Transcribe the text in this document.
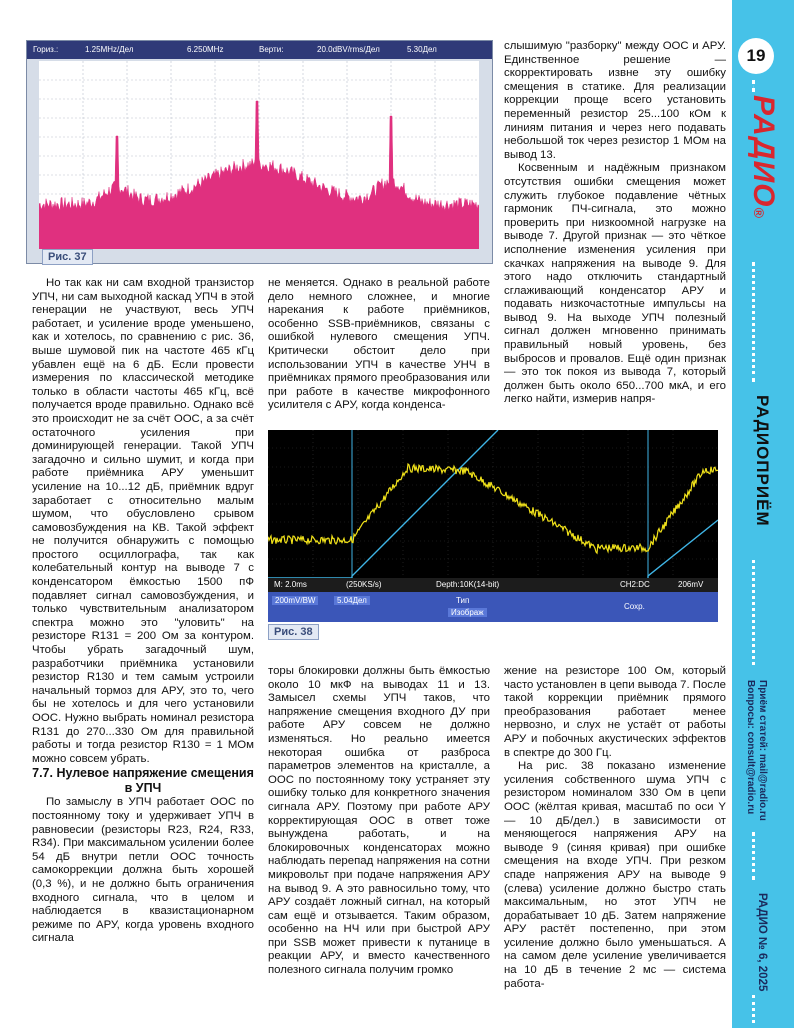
19
РАДИО®
РАДИОПРИЁМ
Приём статей: mail@radio.ru
Вопросы: consult@radio.ru
РАДИО № 6, 2025
Гориз.:	1.25MHz/Дел	6.250MHz	Верти:	20.0dBV/rms/Дел	5.30Дел
Рис. 37

слышимую "разборку" между ООС и АРУ. Единственное решение — скорректировать извне эту ошибку смещения в статике. Для реализации коррекции проще всего установить переменный резистор 25...100 кОм к линиям питания и через него подавать небольшой ток через резистор 1 МОм на вывод 13.

Косвенным и надёжным признаком отсутствия ошибки смещения может служить глубокое подавление чётных гармоник ПЧ-сигнала, это можно проверить при низкоомной нагрузке на выводе 7. Другой признак — это чёткое исполнение изменения усиления при скачках напряжения на выводе 9. Для этого надо отключить стандартный сглаживающий конденсатор АРУ и подавать низкочастотные импульсы на вывод 9. На выходе УПЧ полезный сигнал должен мгновенно принимать правильный новый уровень, без выбросов и провалов. Ещё один признак — это ток покоя из вывода 7, который должен быть около 650...700 мкА, и его легко найти, измерив напря-

Но так как ни сам входной транзистор УПЧ, ни сам выходной каскад УПЧ в этой генерации не участвуют, весь УПЧ работает, и усиление вроде уменьшено, как и хотелось, по сравнению с рис. 36, выше шумовой пик на частоте 465 кГц убавлен ещё на 6 дБ. Если провести измерения по классической методике только в области частоты 465 кГц, всё получается вроде правильно. Однако всё это происходит не за счёт ООС, а за счёт остаточного усиления при доминирующей генерации. Такой УПЧ загадочно и сильно шумит, и когда при работе приёмника АРУ уменьшит усиление на 10...12 дБ, приёмник вдруг заработает с относительно малым шумом, что обусловлено срывом самовозбуждения на КВ. Такой эффект не получится обнаружить с помощью простого осциллографа, так как колебательный контур на выводе 7 с конденсатором ёмкостью 1500 пФ подавляет сигнал самовозбуждения, и только чувствительным анализатором спектра можно это "уловить" на резисторе R131 = 200 Ом за контуром. Чтобы убрать загадочный шум, разработчики приёмника установили резистор R130 и тем самым устроили начальный тормоз для АРУ, это то, чего бы не хотелось и для чего установили ООС. Нужно выбрать номинал резистора R131 до 270...330 Ом для правильной работы и тогда резистор R130 = 1 МОм можно совсем убрать.

7.7. Нулевое напряжение смещения в УПЧ

По замыслу в УПЧ работает ООС по постоянному току и удерживает УПЧ в равновесии (резисторы R23, R24, R33, R34). При максимальном усилении более 54 дБ внутри петли ООС точность самокоррекции должна быть хорошей (0,3 %), и не должно быть ограничения входного сигнала, что в целом и наблюдается в квазистационарном режиме по АРУ, когда уровень входного сигнала

не меняется. Однако в реальной работе дело немного сложнее, и многие нарекания к работе приёмников, особенно SSB-приёмников, связаны с ошибкой нулевого смещения УПЧ. Критически обстоит дело при использовании УПЧ в качестве УНЧ в приёмниках прямого преобразования или при работе в качестве микрофонного усилителя с АРУ, когда конденса-

M: 2.0ms	(250KS/s)	Depth:10K(14-bit)	CH2:DC	206mV
200mV/BW	5.04Дел	Тип
Изображ
Сохр.
Рис. 38

торы блокировки должны быть ёмкостью около 10 мкФ на выводах 11 и 13. Замысел схемы УПЧ таков, что напряжение смещения входного ДУ при работе АРУ совсем не должно изменяться. Но реально имеется некоторая ошибка от разброса параметров элементов на кристалле, а ООС по постоянному току устраняет эту ошибку только для конкретного значения сигнала АРУ. Поэтому при работе АРУ корректирующая ООС в ответ тоже вынуждена работать, и на блокировочных конденсаторах можно наблюдать перепад напряжения на сотни микровольт при подаче напряжения АРУ на вывод 9. А это равносильно тому, что АРУ создаёт ложный сигнал, на который сам ещё и отзывается. Таким образом, особенно на НЧ или при быстрой АРУ при SSB может привести к путанице в реакции АРУ, и вместо качественного полезного сигнала получим громко

жение на резисторе 100 Ом, который часто установлен в цепи вывода 7. После такой коррекции приёмник прямого преобразования работает менее нервозно, и слух не устаёт от работы АРУ и побочных акустических эффектов в спектре до 300 Гц.

На рис. 38 показано изменение усиления собственного шума УПЧ с резистором номиналом 330 Ом в цепи ООС (жёлтая кривая, масштаб по оси Y — 10 дБ/дел.) в зависимости от меняющегося напряжения АРУ на выводе 9 (синяя кривая) при ошибке смещения на входе УПЧ. При резком спаде напряжения АРУ на выводе 9 (слева) усиление должно быстро стать максимальным, но этот УПЧ не дорабатывает 10 дБ. Затем напряжение АРУ растёт постепенно, при этом усиление должно было уменьшаться. А на самом деле усиление увеличивается на 10 дБ в течение 2 мс — система работа-
